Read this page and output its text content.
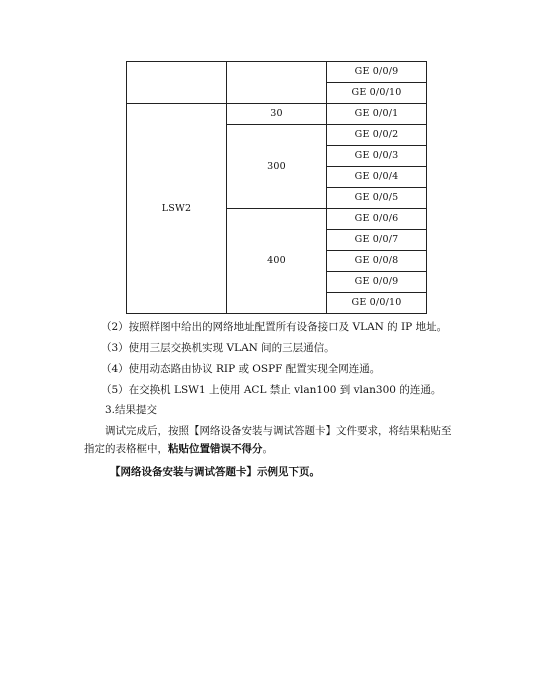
		GE 0/0/9
		GE 0/0/10
LSW2	30	GE 0/0/1
	300	GE 0/0/2
		GE 0/0/3
		GE 0/0/4
		GE 0/0/5
	400	GE 0/0/6
		GE 0/0/7
		GE 0/0/8
		GE 0/0/9
		GE 0/0/10
（2）按照样图中给出的网络地址配置所有设备接口及 VLAN 的 IP 地址。
（3）使用三层交换机实现 VLAN 间的三层通信。
（4）使用动态路由协议 RIP 或 OSPF 配置实现全网连通。
（5）在交换机 LSW1 上使用 ACL 禁止 vlan100 到 vlan300 的连通。
3.结果提交
调试完成后，按照【网络设备安装与调试答题卡】文件要求，将结果粘贴至
指定的表格框中，粘贴位置错误不得分。
【网络设备安装与调试答题卡】示例见下页。
